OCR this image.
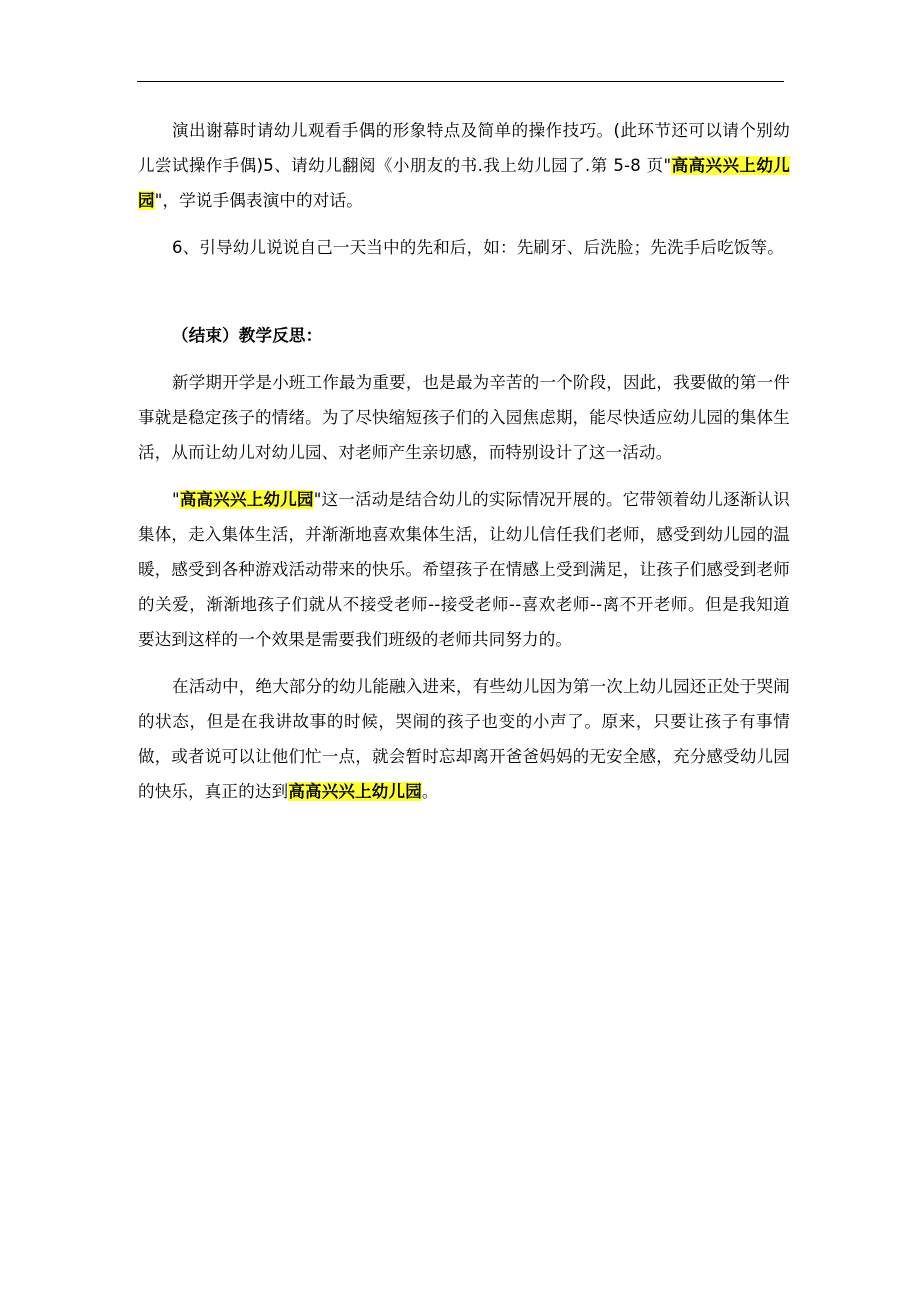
演出谢幕时请幼儿观看手偶的形象特点及简单的操作技巧。(此环节还可以请个别幼儿尝试操作手偶)5、请幼儿翻阅《小朋友的书.我上幼儿园了.第 5-8 页"高高兴兴上幼儿园"，学说手偶表演中的对话。

6、引导幼儿说说自己一天当中的先和后，如：先刷牙、后洗脸；先洗手后吃饭等。

（结束）教学反思：

新学期开学是小班工作最为重要，也是最为辛苦的一个阶段，因此，我要做的第一件事就是稳定孩子的情绪。为了尽快缩短孩子们的入园焦虑期，能尽快适应幼儿园的集体生活，从而让幼儿对幼儿园、对老师产生亲切感，而特别设计了这一活动。

"高高兴兴上幼儿园"这一活动是结合幼儿的实际情况开展的。它带领着幼儿逐渐认识集体，走入集体生活，并渐渐地喜欢集体生活，让幼儿信任我们老师，感受到幼儿园的温暖，感受到各种游戏活动带来的快乐。希望孩子在情感上受到满足，让孩子们感受到老师的关爱，渐渐地孩子们就从不接受老师--接受老师--喜欢老师--离不开老师。但是我知道要达到这样的一个效果是需要我们班级的老师共同努力的。

在活动中，绝大部分的幼儿能融入进来，有些幼儿因为第一次上幼儿园还正处于哭闹的状态，但是在我讲故事的时候，哭闹的孩子也变的小声了。原来，只要让孩子有事情做，或者说可以让他们忙一点，就会暂时忘却离开爸爸妈妈的无安全感，充分感受幼儿园的快乐，真正的达到高高兴兴上幼儿园。
